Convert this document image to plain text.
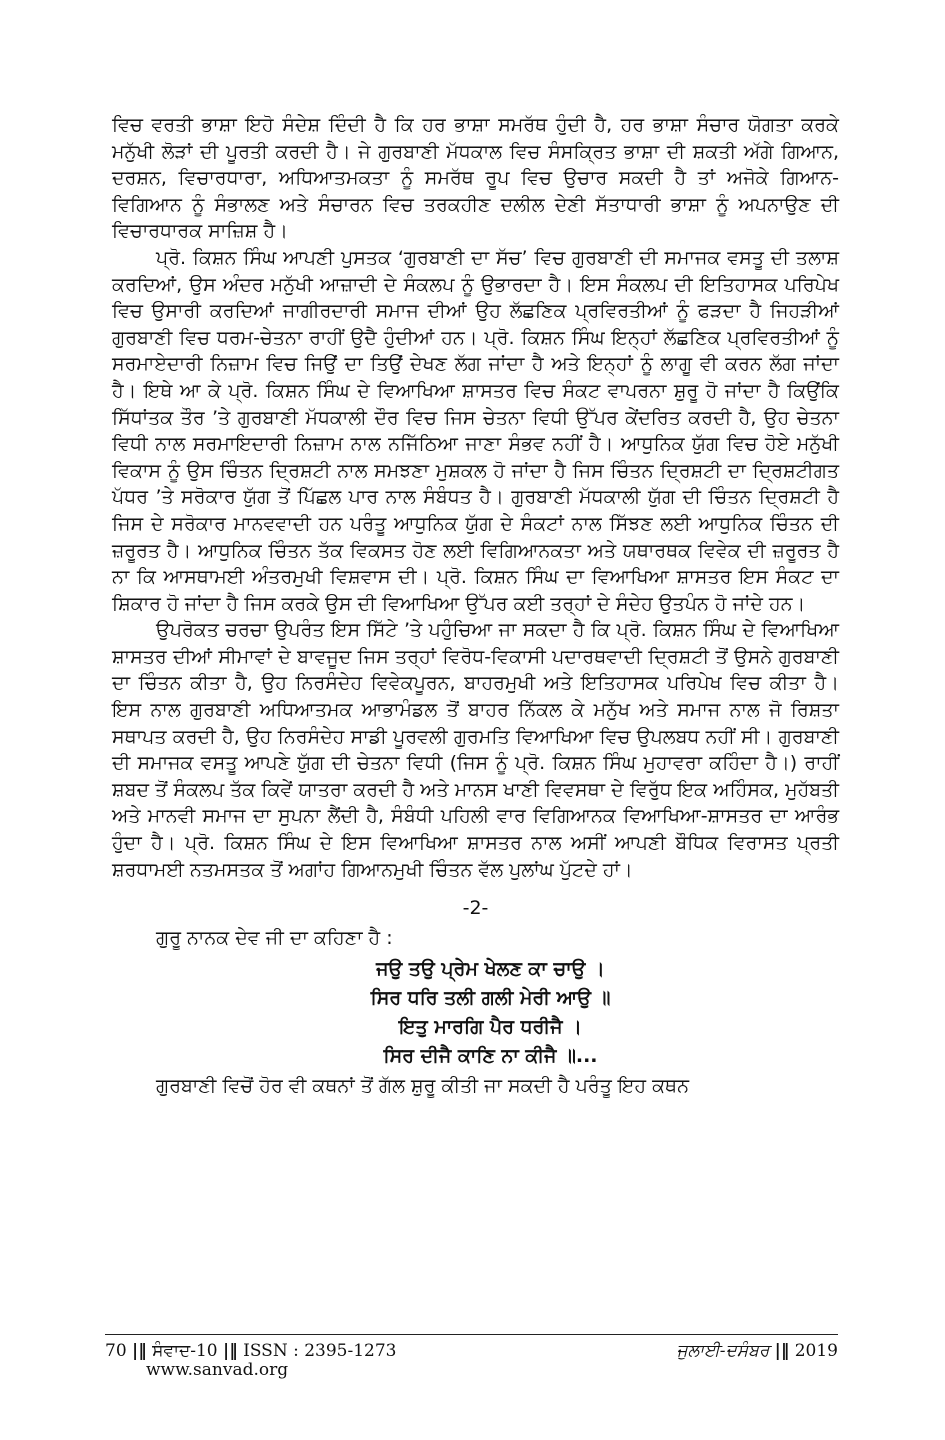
ਵਿਚ ਵਰਤੀ ਭਾਸ਼ਾ ਇਹੋ ਸੰਦੇਸ਼ ਦਿੰਦੀ ਹੈ ਕਿ ਹਰ ਭਾਸ਼ਾ ਸਮਰੱਥ ਹੁੰਦੀ ਹੈ, ਹਰ ਭਾਸ਼ਾ ਸੰਚਾਰ ਯੋਗਤਾ ਕਰਕੇ ਮਨੁੱਖੀ ਲੋੜਾਂ ਦੀ ਪੂਰਤੀ ਕਰਦੀ ਹੈ। ਜੇ ਗੁਰਬਾਣੀ ਮੱਧਕਾਲ ਵਿਚ ਸੰਸਕ੍ਰਿਤ ਭਾਸ਼ਾ ਦੀ ਸ਼ਕਤੀ ਅੱਗੇ ਗਿਆਨ, ਦਰਸ਼ਨ, ਵਿਚਾਰਧਾਰਾ, ਅਧਿਆਤਮਕਤਾ ਨੂੰ ਸਮਰੱਥ ਰੂਪ ਵਿਚ ਉਚਾਰ ਸਕਦੀ ਹੈ ਤਾਂ ਅਜੋਕੇ ਗਿਆਨ-ਵਿਗਿਆਨ ਨੂੰ ਸੰਭਾਲਣ ਅਤੇ ਸੰਚਾਰਨ ਵਿਚ ਤਰਕਹੀਣ ਦਲੀਲ ਦੇਣੀ ਸੱਤਾਧਾਰੀ ਭਾਸ਼ਾ ਨੂੰ ਅਪਨਾਉਣ ਦੀ ਵਿਚਾਰਧਾਰਕ ਸਾਜ਼ਿਸ਼ ਹੈ।

ਪ੍ਰੋ. ਕਿਸ਼ਨ ਸਿੰਘ ਆਪਣੀ ਪੁਸਤਕ ‘ਗੁਰਬਾਣੀ ਦਾ ਸੱਚ’ ਵਿਚ ਗੁਰਬਾਣੀ ਦੀ ਸਮਾਜਕ ਵਸਤੂ ਦੀ ਤਲਾਸ਼ ਕਰਦਿਆਂ, ਉਸ ਅੰਦਰ ਮਨੁੱਖੀ ਆਜ਼ਾਦੀ ਦੇ ਸੰਕਲਪ ਨੂੰ ਉਭਾਰਦਾ ਹੈ। ਇਸ ਸੰਕਲਪ ਦੀ ਇਤਿਹਾਸਕ ਪਰਿਪੇਖ ਵਿਚ ਉਸਾਰੀ ਕਰਦਿਆਂ ਜਾਗੀਰਦਾਰੀ ਸਮਾਜ ਦੀਆਂ ਉਹ ਲੱਛਣਿਕ ਪ੍ਰਵਿਰਤੀਆਂ ਨੂੰ ਫੜਦਾ ਹੈ ਜਿਹੜੀਆਂ ਗੁਰਬਾਣੀ ਵਿਚ ਧਰਮ-ਚੇਤਨਾ ਰਾਹੀਂ ਉਦੈ ਹੁੰਦੀਆਂ ਹਨ। ਪ੍ਰੋ. ਕਿਸ਼ਨ ਸਿੰਘ ਇਨ੍ਹਾਂ ਲੱਛਣਿਕ ਪ੍ਰਵਿਰਤੀਆਂ ਨੂੰ ਸਰਮਾਏਦਾਰੀ ਨਿਜ਼ਾਮ ਵਿਚ ਜਿਉਂ ਦਾ ਤਿਉਂ ਦੇਖਣ ਲੱਗ ਜਾਂਦਾ ਹੈ ਅਤੇ ਇਨ੍ਹਾਂ ਨੂੰ ਲਾਗੂ ਵੀ ਕਰਨ ਲੱਗ ਜਾਂਦਾ ਹੈ। ਇਥੇ ਆ ਕੇ ਪ੍ਰੋ. ਕਿਸ਼ਨ ਸਿੰਘ ਦੇ ਵਿਆਖਿਆ ਸ਼ਾਸਤਰ ਵਿਚ ਸੰਕਟ ਵਾਪਰਨਾ ਸ਼ੁਰੂ ਹੋ ਜਾਂਦਾ ਹੈ ਕਿਉਂਕਿ ਸਿੱਧਾਂਤਕ ਤੌਰ ’ਤੇ ਗੁਰਬਾਣੀ ਮੱਧਕਾਲੀ ਦੌਰ ਵਿਚ ਜਿਸ ਚੇਤਨਾ ਵਿਧੀ ਉੱਪਰ ਕੇਂਦਰਿਤ ਕਰਦੀ ਹੈ, ਉਹ ਚੇਤਨਾ ਵਿਧੀ ਨਾਲ ਸਰਮਾਇਦਾਰੀ ਨਿਜ਼ਾਮ ਨਾਲ ਨਜਿੱਠਿਆ ਜਾਣਾ ਸੰਭਵ ਨਹੀਂ ਹੈ। ਆਧੁਨਿਕ ਯੁੱਗ ਵਿਚ ਹੋਏ ਮਨੁੱਖੀ ਵਿਕਾਸ ਨੂੰ ਉਸ ਚਿੰਤਨ ਦ੍ਰਿਸ਼ਟੀ ਨਾਲ ਸਮਝਣਾ ਮੁਸ਼ਕਲ ਹੋ ਜਾਂਦਾ ਹੈ ਜਿਸ ਚਿੰਤਨ ਦ੍ਰਿਸ਼ਟੀ ਦਾ ਦ੍ਰਿਸ਼ਟੀਗਤ ਪੱਧਰ ’ਤੇ ਸਰੋਕਾਰ ਯੁੱਗ ਤੋਂ ਪਿੱਛਲ ਪਾਰ ਨਾਲ ਸੰਬੰਧਤ ਹੈ। ਗੁਰਬਾਣੀ ਮੱਧਕਾਲੀ ਯੁੱਗ ਦੀ ਚਿੰਤਨ ਦ੍ਰਿਸ਼ਟੀ ਹੈ ਜਿਸ ਦੇ ਸਰੋਕਾਰ ਮਾਨਵਵਾਦੀ ਹਨ ਪਰੰਤੂ ਆਧੁਨਿਕ ਯੁੱਗ ਦੇ ਸੰਕਟਾਂ ਨਾਲ ਸਿੱਝਣ ਲਈ ਆਧੁਨਿਕ ਚਿੰਤਨ ਦੀ ਜ਼ਰੂਰਤ ਹੈ। ਆਧੁਨਿਕ ਚਿੰਤਨ ਤੱਕ ਵਿਕਸਤ ਹੋਣ ਲਈ ਵਿਗਿਆਨਕਤਾ ਅਤੇ ਯਥਾਰਥਕ ਵਿਵੇਕ ਦੀ ਜ਼ਰੂਰਤ ਹੈ ਨਾ ਕਿ ਆਸਥਾਮਈ ਅੰਤਰਮੁਖੀ ਵਿਸ਼ਵਾਸ ਦੀ। ਪ੍ਰੋ. ਕਿਸ਼ਨ ਸਿੰਘ ਦਾ ਵਿਆਖਿਆ ਸ਼ਾਸਤਰ ਇਸ ਸੰਕਟ ਦਾ ਸ਼ਿਕਾਰ ਹੋ ਜਾਂਦਾ ਹੈ ਜਿਸ ਕਰਕੇ ਉਸ ਦੀ ਵਿਆਖਿਆ ਉੱਪਰ ਕਈ ਤਰ੍ਹਾਂ ਦੇ ਸੰਦੇਹ ਉਤਪੰਨ ਹੋ ਜਾਂਦੇ ਹਨ।

ਉਪਰੋਕਤ ਚਰਚਾ ਉਪਰੰਤ ਇਸ ਸਿੱਟੇ ’ਤੇ ਪਹੁੰਚਿਆ ਜਾ ਸਕਦਾ ਹੈ ਕਿ ਪ੍ਰੋ. ਕਿਸ਼ਨ ਸਿੰਘ ਦੇ ਵਿਆਖਿਆ ਸ਼ਾਸਤਰ ਦੀਆਂ ਸੀਮਾਵਾਂ ਦੇ ਬਾਵਜੂਦ ਜਿਸ ਤਰ੍ਹਾਂ ਵਿਰੋਧ-ਵਿਕਾਸੀ ਪਦਾਰਥਵਾਦੀ ਦ੍ਰਿਸ਼ਟੀ ਤੋਂ ਉਸਨੇ ਗੁਰਬਾਣੀ ਦਾ ਚਿੰਤਨ ਕੀਤਾ ਹੈ, ਉਹ ਨਿਰਸੰਦੇਹ ਵਿਵੇਕਪੂਰਨ, ਬਾਹਰਮੁਖੀ ਅਤੇ ਇਤਿਹਾਸਕ ਪਰਿਪੇਖ ਵਿਚ ਕੀਤਾ ਹੈ। ਇਸ ਨਾਲ ਗੁਰਬਾਣੀ ਅਧਿਆਤਮਕ ਆਭਾਮੰਡਲ ਤੋਂ ਬਾਹਰ ਨਿੱਕਲ ਕੇ ਮਨੁੱਖ ਅਤੇ ਸਮਾਜ ਨਾਲ ਜੋ ਰਿਸ਼ਤਾ ਸਥਾਪਤ ਕਰਦੀ ਹੈ, ਉਹ ਨਿਰਸੰਦੇਹ ਸਾਡੀ ਪੂਰਵਲੀ ਗੁਰਮਤਿ ਵਿਆਖਿਆ ਵਿਚ ਉਪਲਬਧ ਨਹੀਂ ਸੀ। ਗੁਰਬਾਣੀ ਦੀ ਸਮਾਜਕ ਵਸਤੂ ਆਪਣੇ ਯੁੱਗ ਦੀ ਚੇਤਨਾ ਵਿਧੀ (ਜਿਸ ਨੂੰ ਪ੍ਰੋ. ਕਿਸ਼ਨ ਸਿੰਘ ਮੁਹਾਵਰਾ ਕਹਿੰਦਾ ਹੈ।) ਰਾਹੀਂ ਸ਼ਬਦ ਤੋਂ ਸੰਕਲਪ ਤੱਕ ਕਿਵੇਂ ਯਾਤਰਾ ਕਰਦੀ ਹੈ ਅਤੇ ਮਾਨਸ ਖਾਣੀ ਵਿਵਸਥਾ ਦੇ ਵਿਰੁੱਧ ਇਕ ਅਹਿੰਸਕ, ਮੁਹੱਬਤੀ ਅਤੇ ਮਾਨਵੀ ਸਮਾਜ ਦਾ ਸੁਪਨਾ ਲੈਂਦੀ ਹੈ, ਸੰਬੰਧੀ ਪਹਿਲੀ ਵਾਰ ਵਿਗਿਆਨਕ ਵਿਆਖਿਆ-ਸ਼ਾਸਤਰ ਦਾ ਆਰੰਭ ਹੁੰਦਾ ਹੈ। ਪ੍ਰੋ. ਕਿਸ਼ਨ ਸਿੰਘ ਦੇ ਇਸ ਵਿਆਖਿਆ ਸ਼ਾਸਤਰ ਨਾਲ ਅਸੀਂ ਆਪਣੀ ਬੌਧਿਕ ਵਿਰਾਸਤ ਪ੍ਰਤੀ ਸ਼ਰਧਾਮਈ ਨਤਮਸਤਕ ਤੋਂ ਅਗਾਂਹ ਗਿਆਨਮੁਖੀ ਚਿੰਤਨ ਵੱਲ ਪੁਲਾਂਘ ਪੁੱਟਦੇ ਹਾਂ।

-2-

ਗੁਰੂ ਨਾਨਕ ਦੇਵ ਜੀ ਦਾ ਕਹਿਣਾ ਹੈ :

ਜਉ ਤਉ ਪ੍ਰੇਮ ਖੇਲਣ ਕਾ ਚਾਉ ।
ਸਿਰ ਧਰਿ ਤਲੀ ਗਲੀ ਮੇਰੀ ਆਉ ॥
ਇਤੁ ਮਾਰਗਿ ਪੈਰ ਧਰੀਜੈ ।
ਸਿਰ ਦੀਜੈ ਕਾਣਿ ਨਾ ਕੀਜੈ ॥...

ਗੁਰਬਾਣੀ ਵਿਚੋਂ ਹੋਰ ਵੀ ਕਥਨਾਂ ਤੋਂ ਗੱਲ ਸ਼ੁਰੂ ਕੀਤੀ ਜਾ ਸਕਦੀ ਹੈ ਪਰੰਤੂ ਇਹ ਕਥਨ

70 |‖ ਸੰਵਾਦ-10 |‖ ISSN : 2395-1273	ਜੁਲਾਈ-ਦਸੰਬਰ |‖ 2019
www.sanvad.org
